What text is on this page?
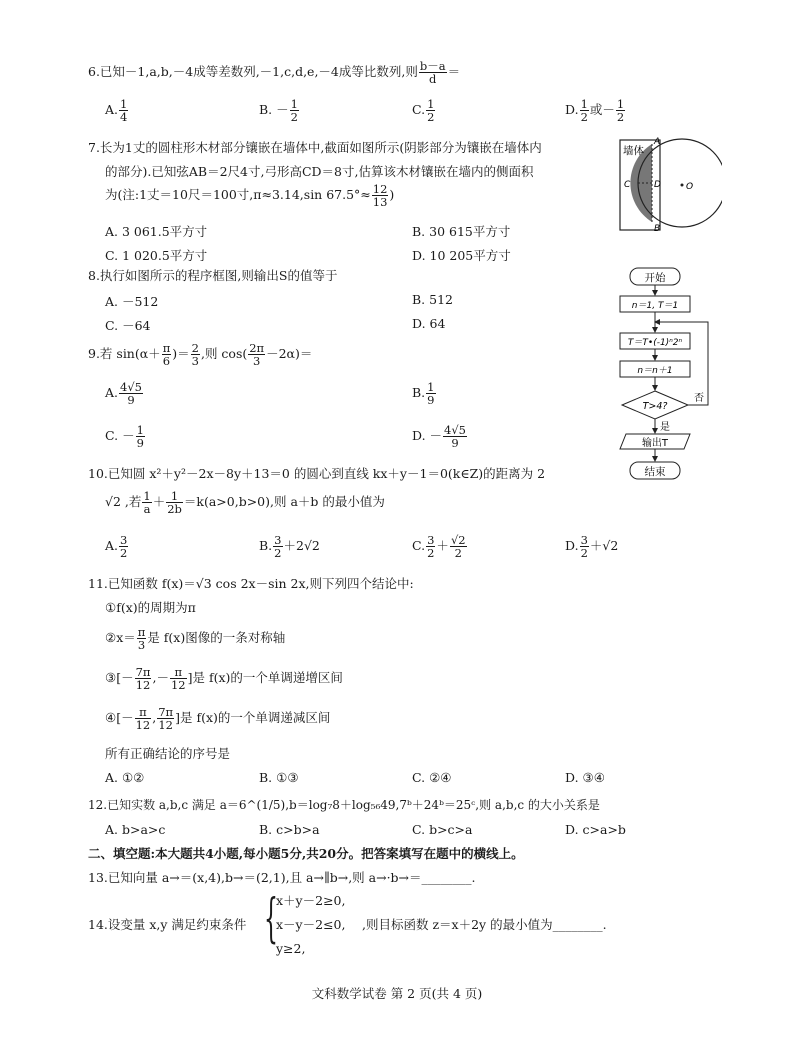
6.已知－1,a,b,－4成等差数列,－1,c,d,e,－4成等比数列,则 $\frac{b-a}{d}$ ＝
A. $\frac{1}{4}$	B. － $\frac{1}{2}$	C. $\frac{1}{2}$	D. $\frac{1}{2}$ 或－ $\frac{1}{2}$
7.长为1丈的圆柱形木材部分镶嵌在墙体中,截面如图所示(阴影部分为镶嵌在墙体内
的部分).已知弦AB＝2尺4寸,弓形高CD＝8寸,估算该木材镶嵌在墙内的侧面积
为(注:1丈＝10尺＝100寸,π≈3.14,sin $67.5^\circ\approx \frac{12}{13}$ )
A. 3 061.5平方寸	B. 30 615平方寸
C. 1 020.5平方寸	D. 10 205平方寸
墙体
A
B
C	D	O
8.执行如图所示的程序框图,则输出S的值等于
A. －512	B. 512
C. －64	D. 64
开始
n＝1, T＝1
T＝T•(-1)ⁿ2ⁿ
n＝n＋1
T>4?
否
是
输出T
结束
9.若 $\sin(\alpha+ \frac{\pi}{6}$ )＝ $\frac{2}{3}$ ,则 $\cos( \frac{2\pi}{3} -2\alpha)=$
A. $\frac{4√5}{9}$	B. $\frac{1}{9}$
C. － $\frac{1}{9}$	D. － $\frac{4√5}{9}$
10.已知圆 x²＋y²－2x－8y＋13＝0 的圆心到直线 kx＋y－1＝0(k∈Z)的距离为 2
√2 ,若 $\frac{1}{a} + \frac{1}{2b} =k(a>0,b>0)$,则 a＋b 的最小值为
A. $\frac{3}{2}$	B. $\frac{3}{2} +2√2$	C. $\frac{3}{2} + \frac{√2}{2}$	D. $\frac{3}{2} +√2$
11.已知函数 f(x)＝√3 cos 2x－sin 2x,则下列四个结论中:
①f(x)的周期为π
②x＝ $\frac{\pi}{3}$ 是 f(x)图像的一条对称轴
③[－ $\frac{7\pi}{12}$ ,－ $\frac{\pi}{12}$ ]是 f(x)的一个单调递增区间
④[－ $\frac{\pi}{12}$ , $\frac{7\pi}{12}$ ]是 f(x)的一个单调递减区间
所有正确结论的序号是
A. ①②	B. ①③	C. ②④	D. ③④
12.已知实数 a,b,c 满足 a＝6^(1/5),b＝log₇8＋log₅₆49,7ᵇ＋24ᵇ＝25ᶜ,则 a,b,c 的大小关系是
A. b>a>c	B. c>b>a	C. b>c>a	D. c>a>b
二、填空题:本大题共4小题,每小题5分,共20分。把答案填写在题中的横线上。
13.已知向量 a→＝(x,4),b→＝(2,1),且 a→∥b→,则 a→·b→＝________.
14.设变量 x,y 满足约束条件 {
x＋y－2≥0,
x－y－2≤0,
y≥2,
,则目标函数 z＝x＋2y 的最小值为________.
文科数学试卷 第 2 页(共 4 页)
